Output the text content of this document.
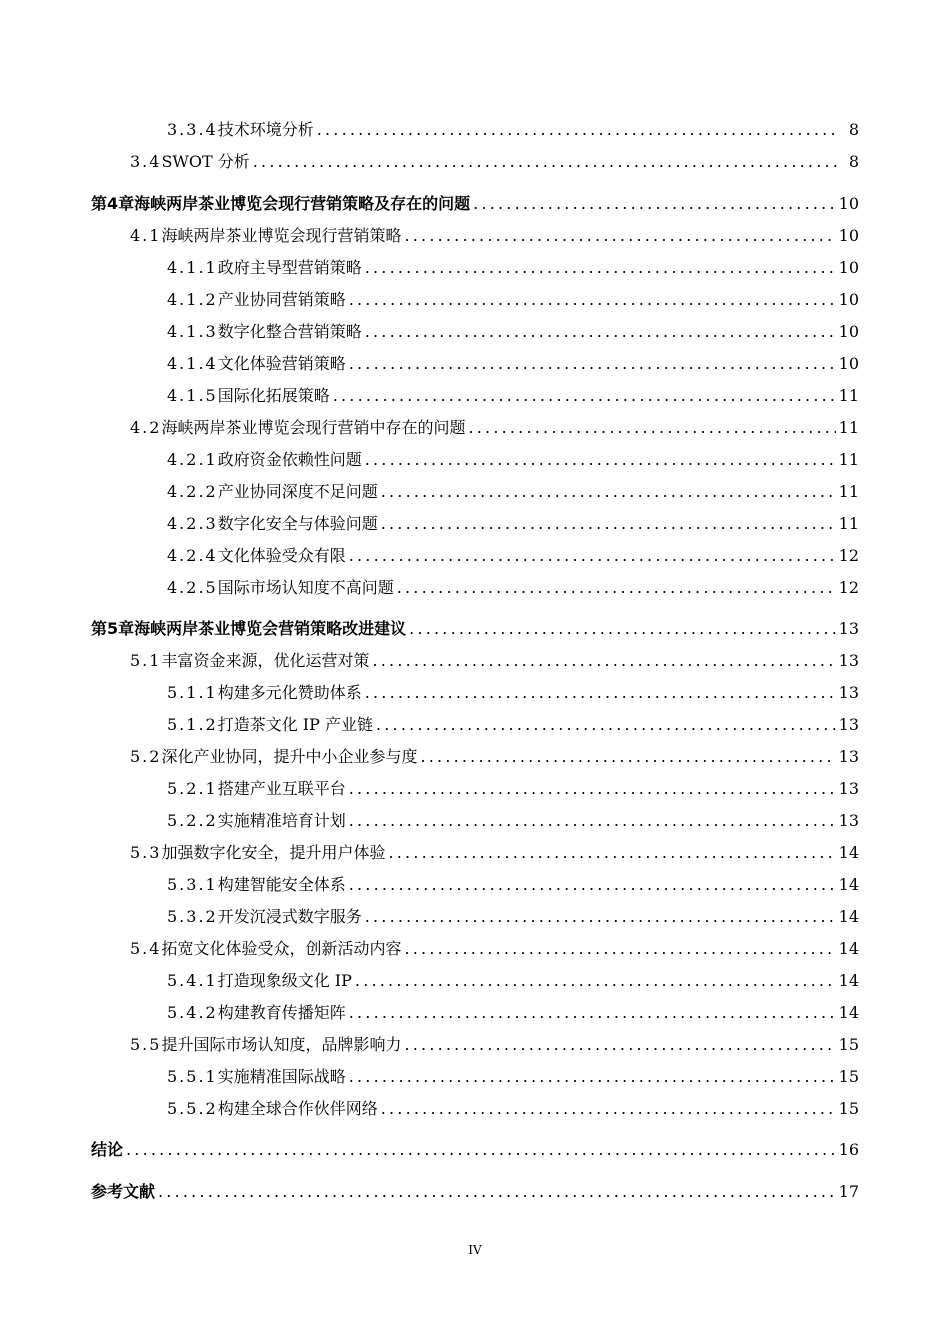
3.3.4 技术环境分析 .....	8
3.4 SWOT 分析 .....	8
第4章 海峡两岸茶业博览会现行营销策略及存在的问题 .....	10
4.1 海峡两岸茶业博览会现行营销策略 .....	10
4.1.1 政府主导型营销策略 .....	10
4.1.2 产业协同营销策略 .....	10
4.1.3 数字化整合营销策略 .....	10
4.1.4 文化体验营销策略 .....	10
4.1.5 国际化拓展策略 .....	11
4.2 海峡两岸茶业博览会现行营销中存在的问题 .....	11
4.2.1 政府资金依赖性问题 .....	11
4.2.2 产业协同深度不足问题 .....	11
4.2.3 数字化安全与体验问题 .....	11
4.2.4 文化体验受众有限 .....	12
4.2.5 国际市场认知度不高问题 .....	12
第5章 海峡两岸茶业博览会营销策略改进建议 .....	13
5.1 丰富资金来源，优化运营对策 .....	13
5.1.1 构建多元化赞助体系 .....	13
5.1.2 打造茶文化 IP 产业链 .....	13
5.2 深化产业协同，提升中小企业参与度 .....	13
5.2.1 搭建产业互联平台 .....	13
5.2.2 实施精准培育计划 .....	13
5.3 加强数字化安全，提升用户体验 .....	14
5.3.1 构建智能安全体系 .....	14
5.3.2 开发沉浸式数字服务 .....	14
5.4 拓宽文化体验受众，创新活动内容 .....	14
5.4.1 打造现象级文化 IP .....	14
5.4.2 构建教育传播矩阵 .....	14
5.5 提升国际市场认知度，品牌影响力 .....	15
5.5.1 实施精准国际战略 .....	15
5.5.2 构建全球合作伙伴网络 .....	15
结论 .....	16
参考文献 .....	17
IV
